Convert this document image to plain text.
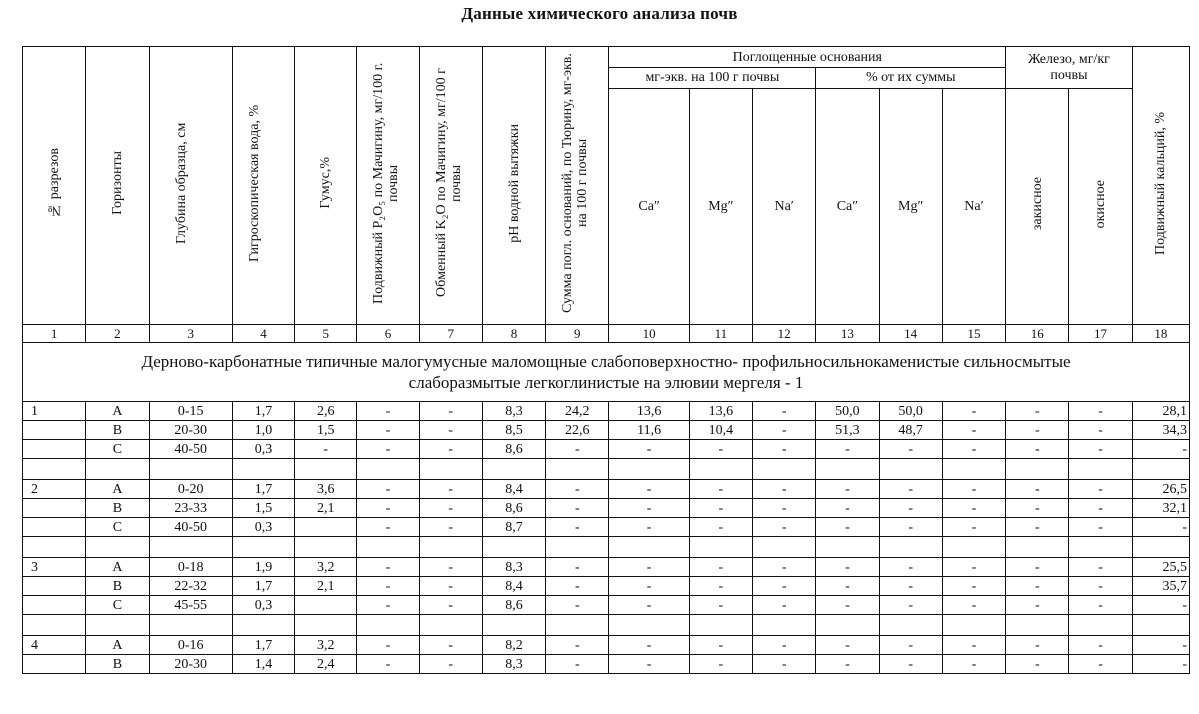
Данные химического анализа почв
№ разрезов	Горизонты	Глубина образца, см	Гигроскопическая вода, %	Гумус,%	Подвижный P₂O₅ по Мачигину, мг/100 г. почвы	Обменный K₂O по Мачигину, мг/100 г почвы	pH водной вытяжки	Сумма погл. оснований, по Тюрину, мг-экв. на 100 г почвы	Поглощенные основания						Железо, мг/кг почвы		Подвижный кальций, %
									мг-экв. на 100 г почвы			% от их суммы					
									Ca″	Mg″	Na′	Ca″	Mg″	Na′	закисное	окисное	
1	2	3	4	5	6	7	8	9	10	11	12	13	14	15	16	17	18

Дерново-карбонатные типичные малогумусные маломощные слабоповерхностно- профильносильнокаменистые сильносмытые
слаборазмытые легкоглинистые на элювии мергеля - 1																	

1	А	0-15	1,7	2,6	-	-	8,3	24,2	13,6	13,6	-	50,0	50,0	-	-	-	28,1
	B	20-30	1,0	1,5	-	-	8,5	22,6	11,6	10,4	-	51,3	48,7	-	-	-	34,3
	C	40-50	0,3	-	-	-	8,6	-	-	-	-	-	-	-	-	-	-

2	А	0-20	1,7	3,6	-	-	8,4	-	-	-	-	-	-	-	-	-	26,5
	B	23-33	1,5	2,1	-	-	8,6	-	-	-	-	-	-	-	-	-	32,1
	C	40-50	0,3		-	-	8,7	-	-	-	-	-	-	-	-	-	-

3	А	0-18	1,9	3,2	-	-	8,3	-	-	-	-	-	-	-	-	-	25,5
	B	22-32	1,7	2,1	-	-	8,4	-	-	-	-	-	-	-	-	-	35,7
	C	45-55	0,3		-	-	8,6	-	-	-	-	-	-	-	-	-	-

4	А	0-16	1,7	3,2	-	-	8,2	-	-	-	-	-	-	-	-	-	-
	B	20-30	1,4	2,4	-	-	8,3	-	-	-	-	-	-	-	-	-	-
